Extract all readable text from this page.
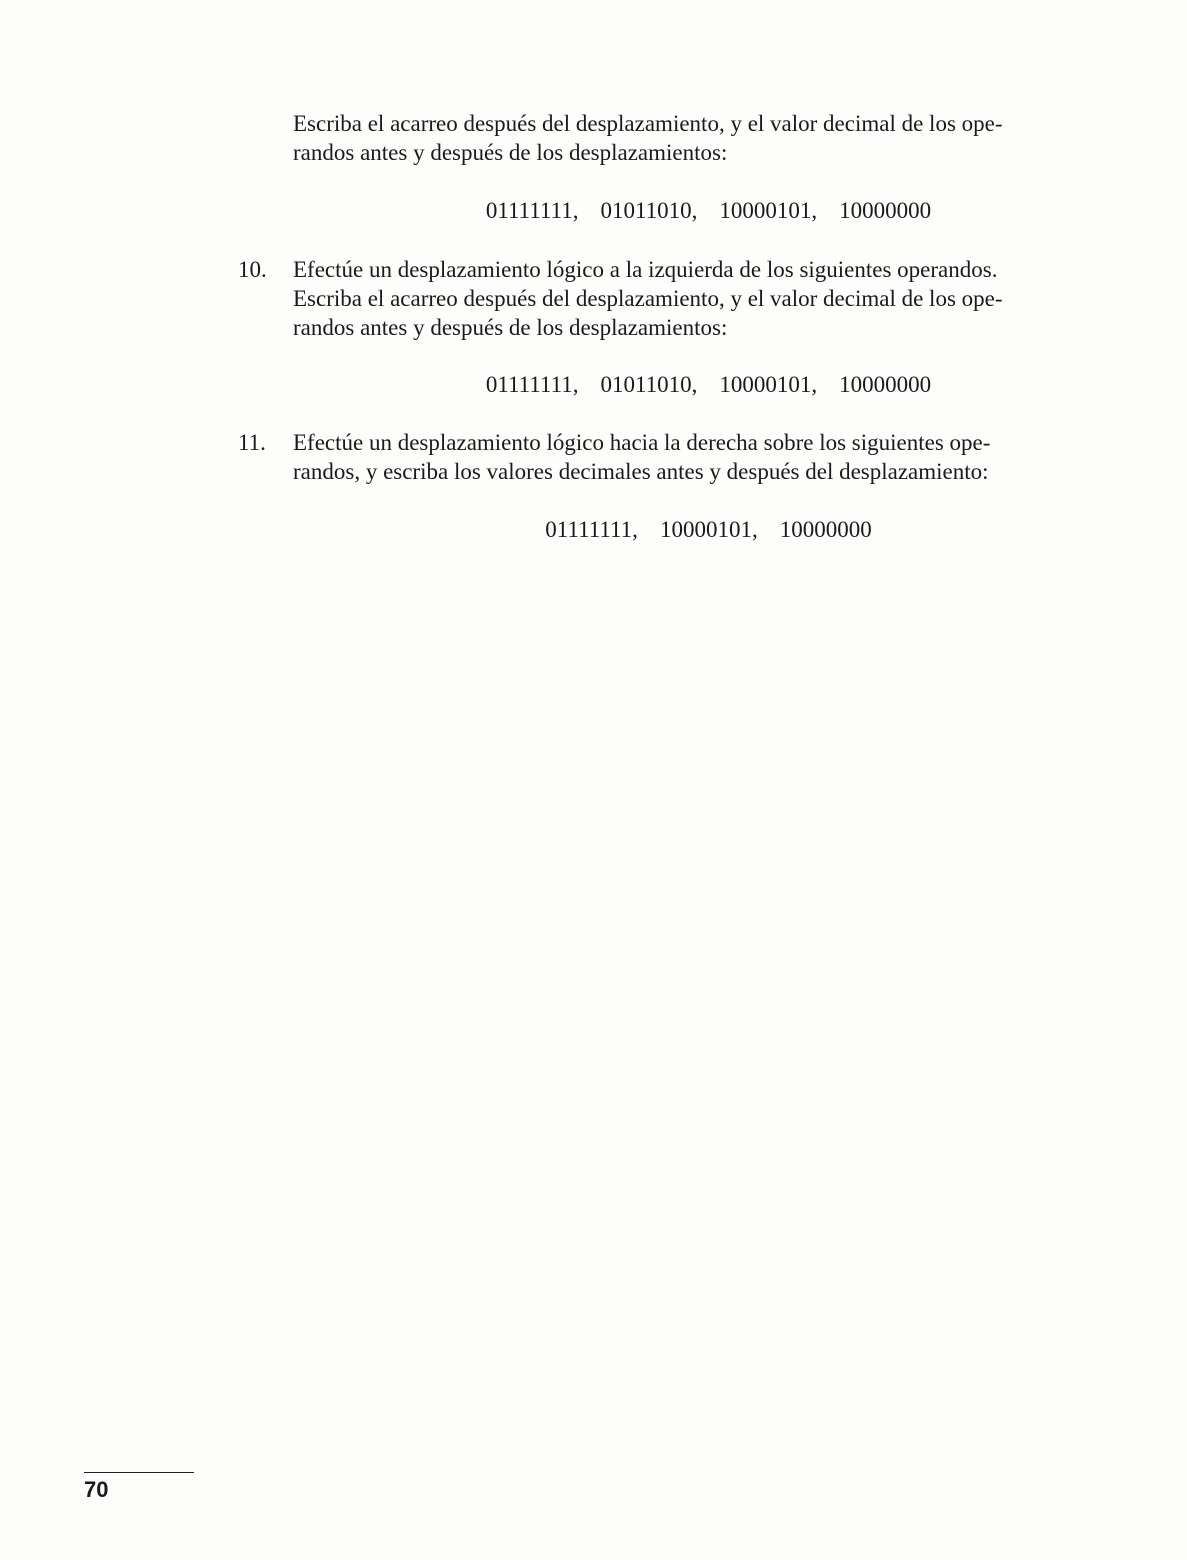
Escriba el acarreo después del desplazamiento, y el valor decimal de los ope-
randos antes y después de los desplazamientos:
01111111, 01011010, 10000101, 10000000
10. Efectúe un desplazamiento lógico a la izquierda de los siguientes operandos.
Escriba el acarreo después del desplazamiento, y el valor decimal de los ope-
randos antes y después de los desplazamientos:
01111111, 01011010, 10000101, 10000000
11. Efectúe un desplazamiento lógico hacia la derecha sobre los siguientes ope-
randos, y escriba los valores decimales antes y después del desplazamiento:
01111111, 10000101, 10000000
70
